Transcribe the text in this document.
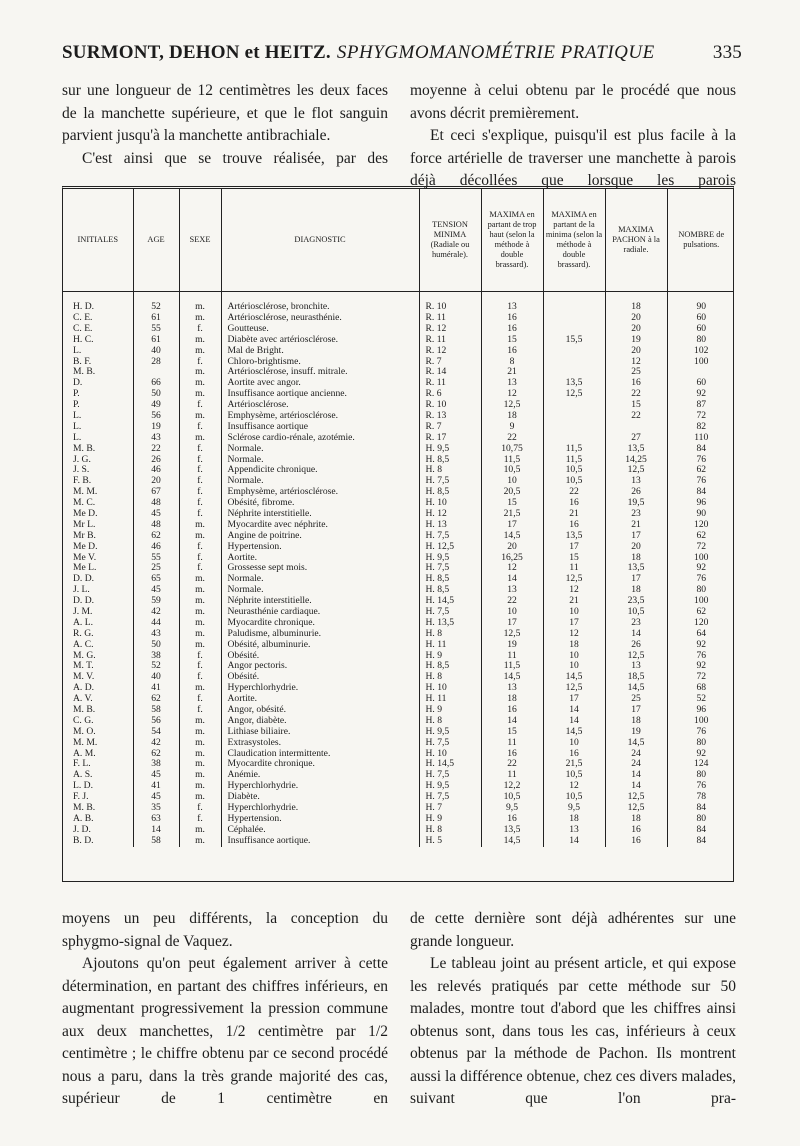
SURMONT, DEHON et HEITZ. SPHYGMOMANOMÉTRIE PRATIQUE	335

sur une longueur de 12 centimètres les deux faces de la manchette supérieure, et que le flot sanguin parvient jusqu'à la manchette antibrachiale.

C'est ainsi que se trouve réalisée, par des

moyenne à celui obtenu par le procédé que nous avons décrit premièrement.

Et ceci s'explique, puisqu'il est plus facile à la force artérielle de traverser une manchette à parois déjà décollées que lorsque les parois

INITIALES	AGE	SEXE	DIAGNOSTIC	TENSION MINIMA (Radiale ou humérale).	MAXIMA en partant de trop haut (selon la méthode à double brassard).	MAXIMA en partant de la minima (selon la méthode à double brassard).	MAXIMA PACHON à la radiale.	NOMBRE de pulsations.
H. D.	52	m.	Artériosclérose, bronchite.	R. 10	13		18	90
C. E.	61	m.	Artériosclérose, neurasthénie.	R. 11	16		20	60
C. E.	55	f.	Goutteuse.	R. 12	16		20	60
H. C.	61	m.	Diabète avec artériosclérose.	R. 11	15	15,5	19	80
L.	40	m.	Mal de Bright.	R. 12	16		20	102
B. F.	28	f.	Chloro-brightisme.	R. 7	8		12	100
M. B.		m.	Artériosclérose, insuff. mitrale.	R. 14	21		25	
D.	66	m.	Aortite avec angor.	R. 11	13	13,5	16	60
P.	50	m.	Insuffisance aortique ancienne.	R. 6	12	12,5	22	92
P.	49	f.	Artériosclérose.	R. 10	12,5		15	87
L.	56	m.	Emphysème, artériosclérose.	R. 13	18		22	72
L.	19	f.	Insuffisance aortique	R. 7	9			82
L.	43	m.	Sclérose cardio-rénale, azotémie.	R. 17	22		27	110
M. B.	22	f.	Normale.	H. 9,5	10,75	11,5	13,5	84
J. G.	26	f.	Normale.	H. 8,5	11,5	11,5	14,25	76
J. S.	46	f.	Appendicite chronique.	H. 8	10,5	10,5	12,5	62
F. B.	20	f.	Normale.	H. 7,5	10	10,5	13	76
M. M.	67	f.	Emphysème, artériosclérose.	H. 8,5	20,5	22	26	84
M. C.	48	f.	Obésité, fibrome.	H. 10	15	16	19,5	96
Me D.	45	f.	Néphrite interstitielle.	H. 12	21,5	21	23	90
Mr L.	48	m.	Myocardite avec néphrite.	H. 13	17	16	21	120
Mr B.	62	m.	Angine de poitrine.	H. 7,5	14,5	13,5	17	62
Me D.	46	f.	Hypertension.	H. 12,5	20	17	20	72
Me V.	55	f.	Aortite.	H. 9,5	16,25	15	18	100
Me L.	25	f.	Grossesse sept mois.	H. 7,5	12	11	13,5	92
D. D.	65	m.	Normale.	H. 8,5	14	12,5	17	76
J. L.	45	m.	Normale.	H. 8,5	13	12	18	80
D. D.	59	m.	Néphrite interstitielle.	H. 14,5	22	21	23,5	100
J. M.	42	m.	Neurasthénie cardiaque.	H. 7,5	10	10	10,5	62
A. L.	44	m.	Myocardite chronique.	H. 13,5	17	17	23	120
R. G.	43	m.	Paludisme, albuminurie.	H. 8	12,5	12	14	64
A. C.	50	m.	Obésité, albuminurie.	H. 11	19	18	26	92
M. G.	38	f.	Obésité.	H. 9	11	10	12,5	76
M. T.	52	f.	Angor pectoris.	H. 8,5	11,5	10	13	92
M. V.	40	f.	Obésité.	H. 8	14,5	14,5	18,5	72
A. D.	41	m.	Hyperchlorhydrie.	H. 10	13	12,5	14,5	68
A. V.	62	f.	Aortite.	H. 11	18	17	25	52
M. B.	58	f.	Angor, obésité.	H. 9	16	14	17	96
C. G.	56	m.	Angor, diabète.	H. 8	14	14	18	100
M. O.	54	m.	Lithiase biliaire.	H. 9,5	15	14,5	19	76
M. M.	42	m.	Extrasystoles.	H. 7,5	11	10	14,5	80
A. M.	62	m.	Claudication intermittente.	H. 10	16	16	24	92
F. L.	38	m.	Myocardite chronique.	H. 14,5	22	21,5	24	124
A. S.	45	m.	Anémie.	H. 7,5	11	10,5	14	80
L. D.	41	m.	Hyperchlorhydrie.	H. 9,5	12,2	12	14	76
F. J.	45	m.	Diabète.	H. 7,5	10,5	10,5	12,5	78
M. B.	35	f.	Hyperchlorhydrie.	H. 7	9,5	9,5	12,5	84
A. B.	63	f.	Hypertension.	H. 9	16	18	18	80
J. D.	14	m.	Céphalée.	H. 8	13,5	13	16	84
B. D.	58	m.	Insuffisance aortique.	H. 5	14,5	14	16	84

moyens un peu différents, la conception du sphygmo-signal de Vaquez.

Ajoutons qu'on peut également arriver à cette détermination, en partant des chiffres inférieurs, en augmentant progressivement la pression commune aux deux manchettes, 1/2 centimètre par 1/2 centimètre ; le chiffre obtenu par ce second procédé nous a paru, dans la très grande majorité des cas, supérieur de 1 centimètre en

de cette dernière sont déjà adhérentes sur une grande longueur.

Le tableau joint au présent article, et qui expose les relevés pratiqués par cette méthode sur 50 malades, montre tout d'abord que les chiffres ainsi obtenus sont, dans tous les cas, inférieurs à ceux obtenus par la méthode de Pachon. Ils montrent aussi la différence obtenue, chez ces divers malades, suivant que l'on pra-
